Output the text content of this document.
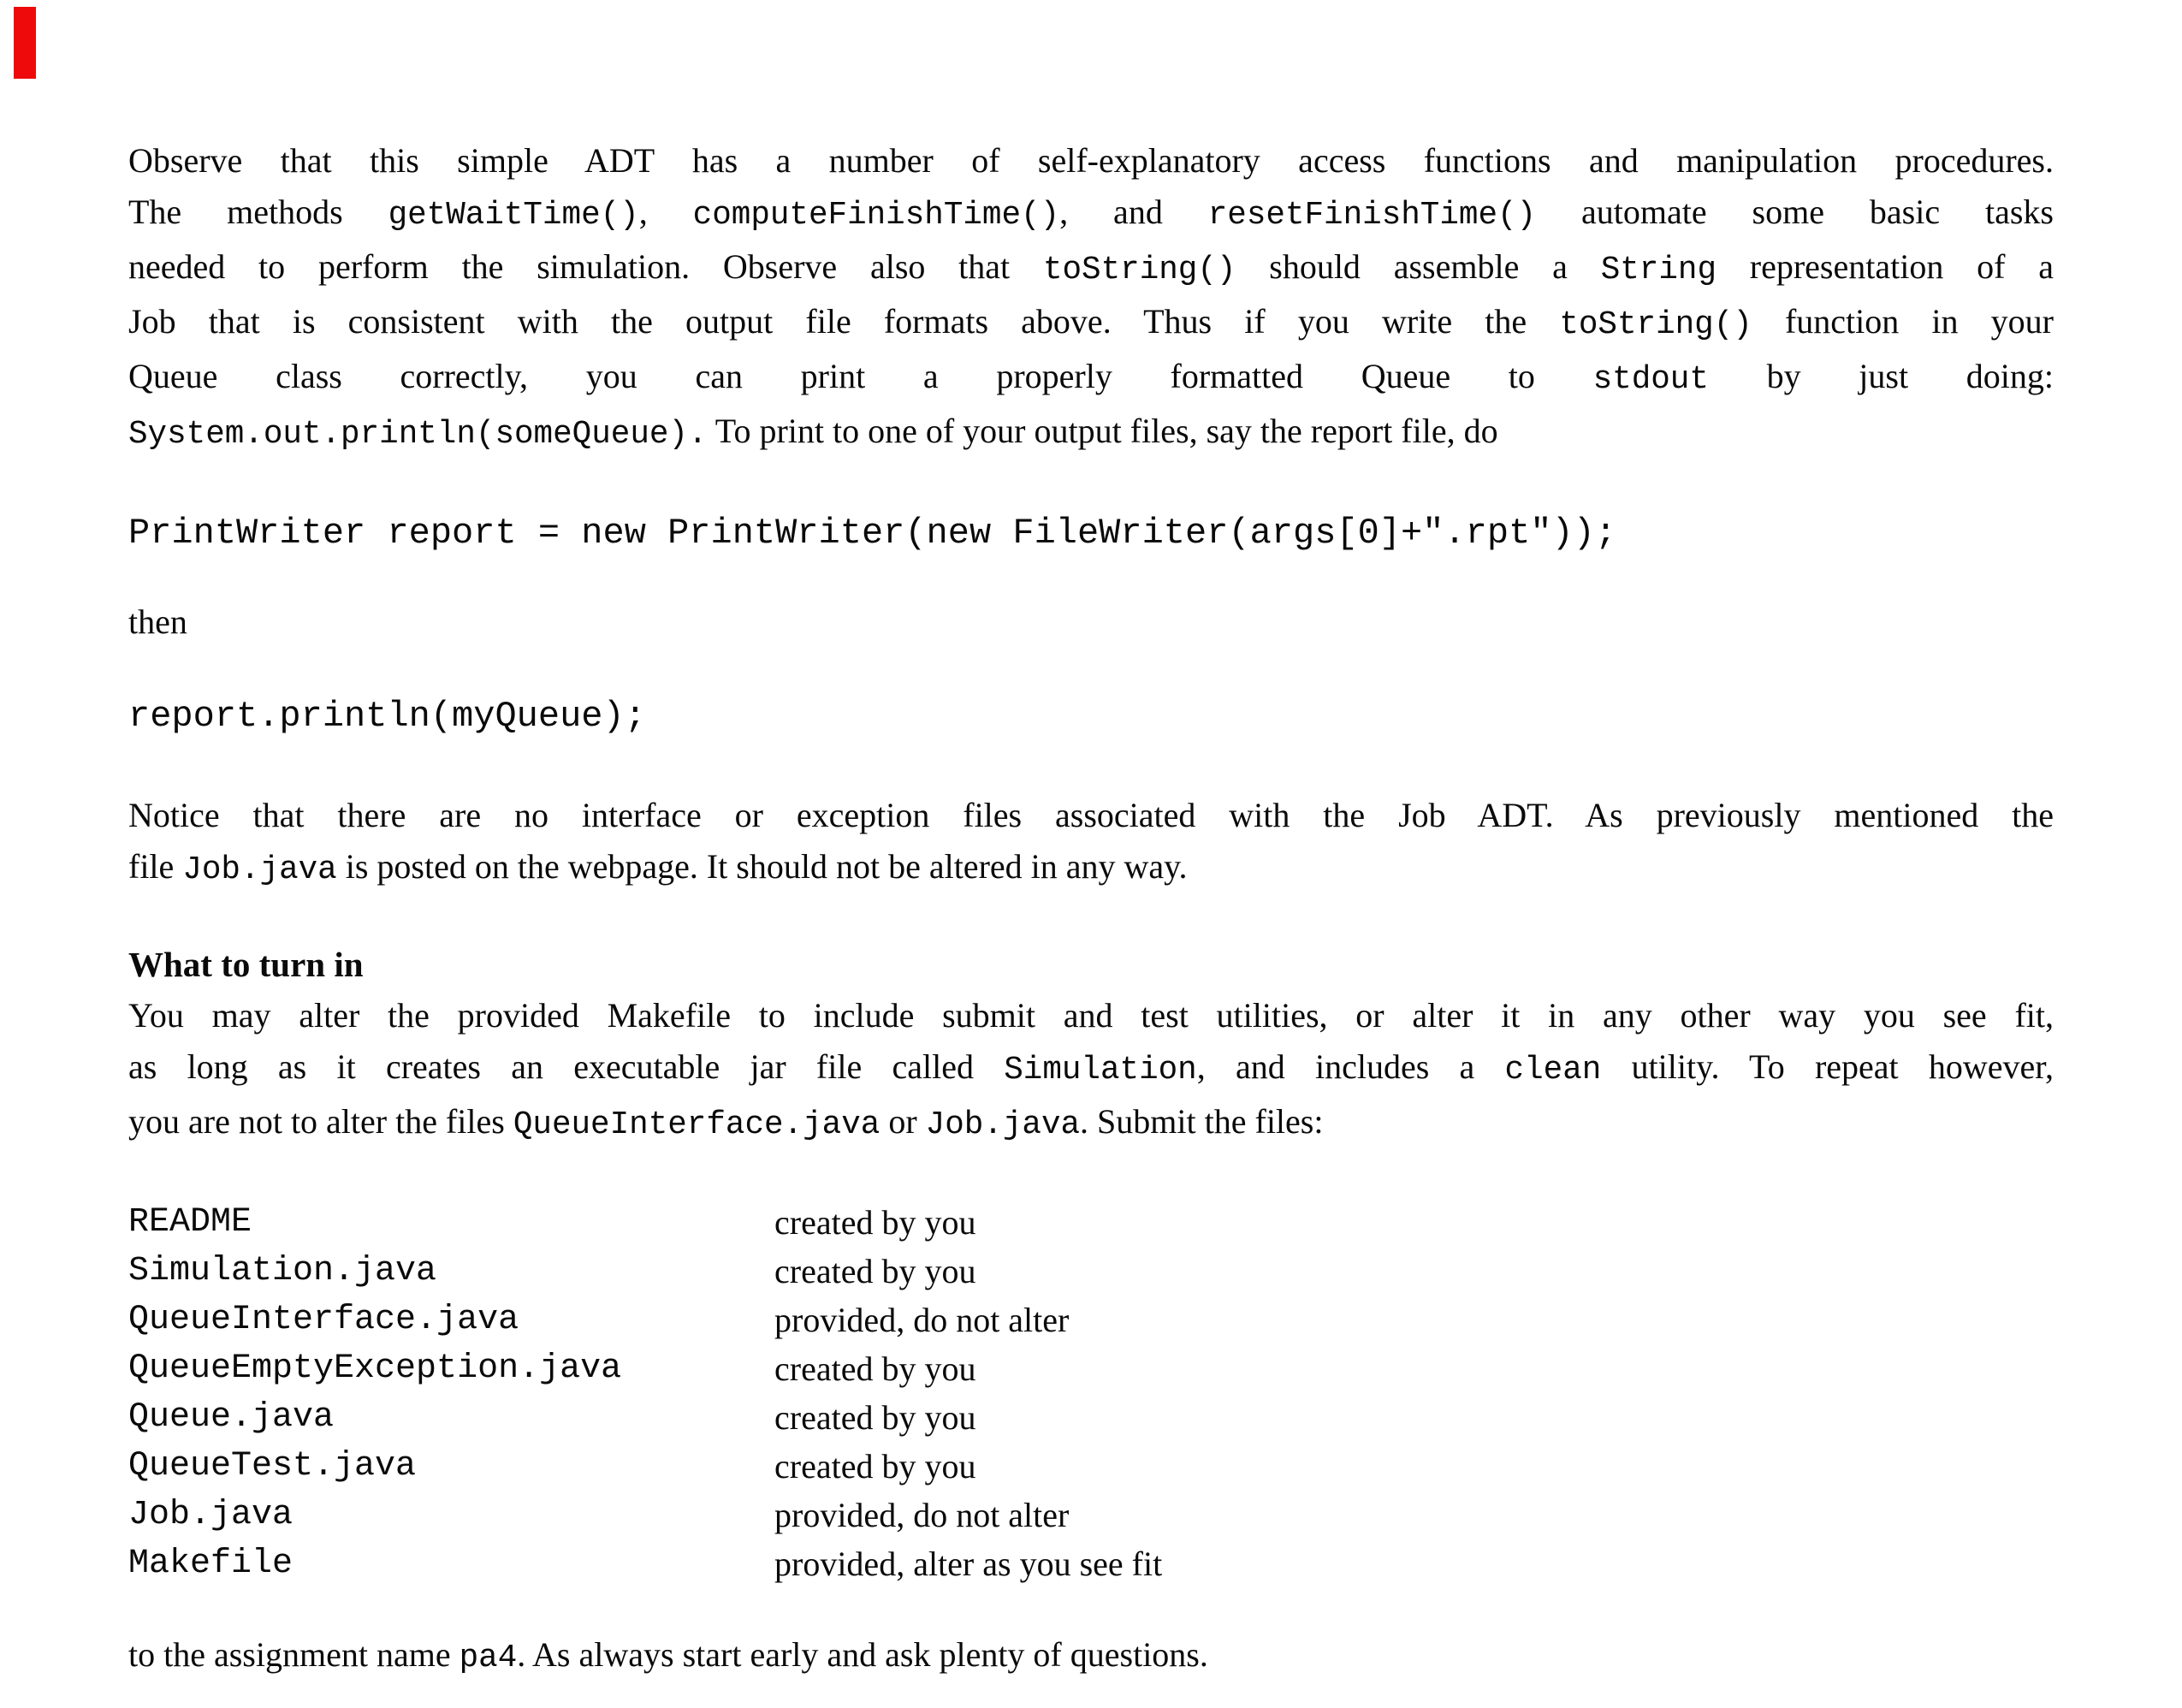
Observe that this simple ADT has a number of self-explanatory access functions and manipulation procedures.
The methods getWaitTime(), computeFinishTime(), and resetFinishTime() automate some basic tasks
needed to perform the simulation. Observe also that toString() should assemble a String representation of a
Job that is consistent with the output file formats above. Thus if you write the toString() function in your
Queue class correctly, you can print a properly formatted Queue to stdout by just doing:
System.out.println(someQueue). To print to one of your output files, say the report file, do
PrintWriter report = new PrintWriter(new FileWriter(args[0]+".rpt"));
then
report.println(myQueue);
Notice that there are no interface or exception files associated with the Job ADT. As previously mentioned the
file Job.java is posted on the webpage. It should not be altered in any way.
What to turn in
You may alter the provided Makefile to include submit and test utilities, or alter it in any other way you see fit,
as long as it creates an executable jar file called Simulation, and includes a clean utility. To repeat however,
you are not to alter the files QueueInterface.java or Job.java. Submit the files:
README	created by you
Simulation.java	created by you
QueueInterface.java	provided, do not alter
QueueEmptyException.java	created by you
Queue.java	created by you
QueueTest.java	created by you
Job.java	provided, do not alter
Makefile	provided, alter as you see fit
to the assignment name pa4. As always start early and ask plenty of questions.
